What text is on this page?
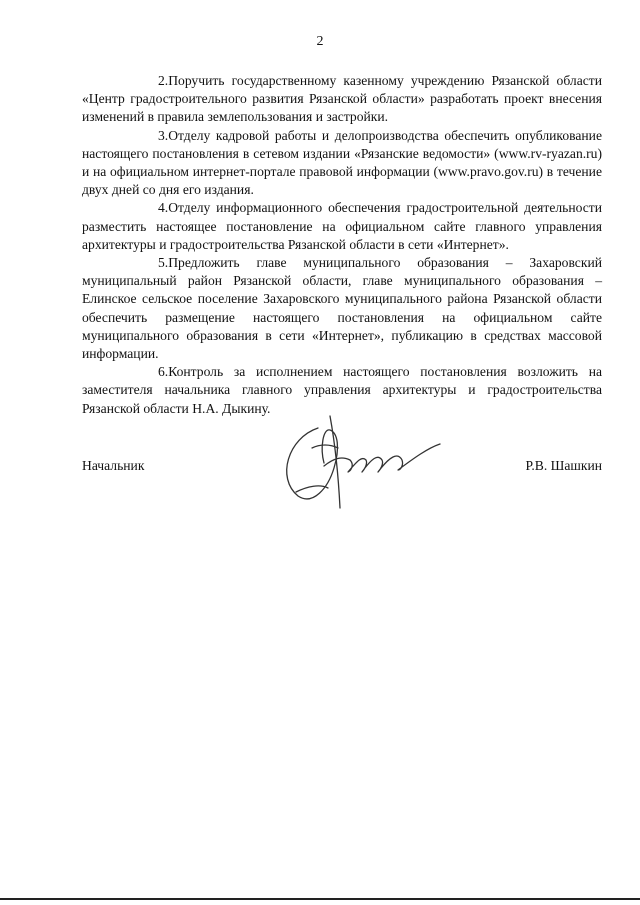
2

2.Поручить государственному казенному учреждению Рязанской области «Центр градостроительного развития Рязанской области» разработать проект внесения изменений в правила землепользования и застройки.

3.Отделу кадровой работы и делопроизводства обеспечить опубликование настоящего постановления в сетевом издании «Рязанские ведомости» (www.rv-ryazan.ru) и на официальном интернет-портале правовой информации (www.pravo.gov.ru) в течение двух дней со дня его издания.

4.Отделу информационного обеспечения градостроительной деятельности разместить настоящее постановление на официальном сайте главного управления архитектуры и градостроительства Рязанской области в сети «Интернет».

5.Предложить главе муниципального образования – Захаровский муниципальный район Рязанской области, главе муниципального образования – Елинское сельское поселение Захаровского муниципального района Рязанской области обеспечить размещение настоящего постановления на официальном сайте муниципального образования в сети «Интернет», публикацию в средствах массовой информации.

6.Контроль за исполнением настоящего постановления возложить на заместителя начальника главного управления архитектуры и градостроительства Рязанской области Н.А. Дыкину.

Начальник	Р.В. Шашкин
